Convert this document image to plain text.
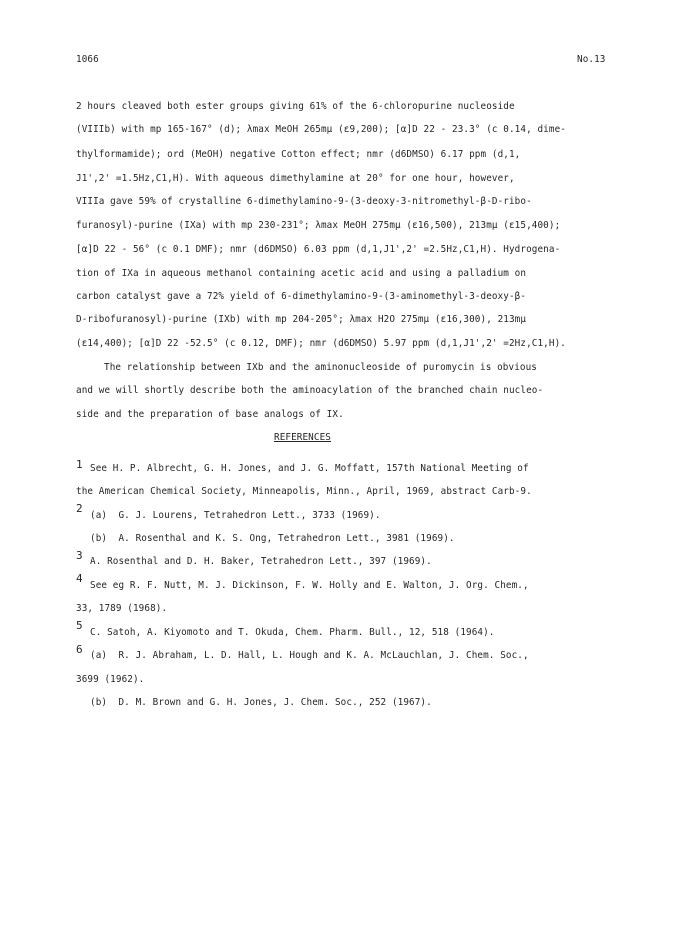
1066	No.13
2 hours cleaved both ester groups giving 61% of the 6-chloropurine nucleoside
(VIIIb) with mp 165-167° (d); λmax MeOH 265mμ (ε9,200); [α]D 22 - 23.3° (c 0.14, dime-
thylformamide); ord (MeOH) negative Cotton effect; nmr (d6DMSO) 6.17 ppm (d,1,
J1',2' =1.5Hz,C1,H). With aqueous dimethylamine at 20° for one hour, however,
VIIIa gave 59% of crystalline 6-dimethylamino-9-(3-deoxy-3-nitromethyl-β-D-ribo-
furanosyl)-purine (IXa) with mp 230-231°; λmax MeOH 275mμ (ε16,500), 213mμ (ε15,400);
[α]D 22 - 56° (c 0.1 DMF); nmr (d6DMSO) 6.03 ppm (d,1,J1',2' =2.5Hz,C1,H). Hydrogena-
tion of IXa in aqueous methanol containing acetic acid and using a palladium on
carbon catalyst gave a 72% yield of 6-dimethylamino-9-(3-aminomethyl-3-deoxy-β-
D-ribofuranosyl)-purine (IXb) with mp 204-205°; λmax H2O 275mμ (ε16,300), 213mμ
(ε14,400); [α]D 22 -52.5° (c 0.12, DMF); nmr (d6DMSO) 5.97 ppm (d,1,J1',2' =2Hz,C1,H).
The relationship between IXb and the aminonucleoside of puromycin is obvious
and we will shortly describe both the aminoacylation of the branched chain nucleo-
side and the preparation of base analogs of IX.
REFERENCES
1 See H. P. Albrecht, G. H. Jones, and J. G. Moffatt, 157th National Meeting of
the American Chemical Society, Minneapolis, Minn., April, 1969, abstract Carb-9.
2
(a)  G. J. Lourens, Tetrahedron Lett., 3733 (1969).
(b)  A. Rosenthal and K. S. Ong, Tetrahedron Lett., 3981 (1969).
3 A. Rosenthal and D. H. Baker, Tetrahedron Lett., 397 (1969).
4
See eg R. F. Nutt, M. J. Dickinson, F. W. Holly and E. Walton, J. Org. Chem.,
33, 1789 (1968).
5
C. Satoh, A. Kiyomoto and T. Okuda, Chem. Pharm. Bull., 12, 518 (1964).
6 (a)  R. J. Abraham, L. D. Hall, L. Hough and K. A. McLauchlan, J. Chem. Soc.,
3699 (1962).
(b)  D. M. Brown and G. H. Jones, J. Chem. Soc., 252 (1967).
